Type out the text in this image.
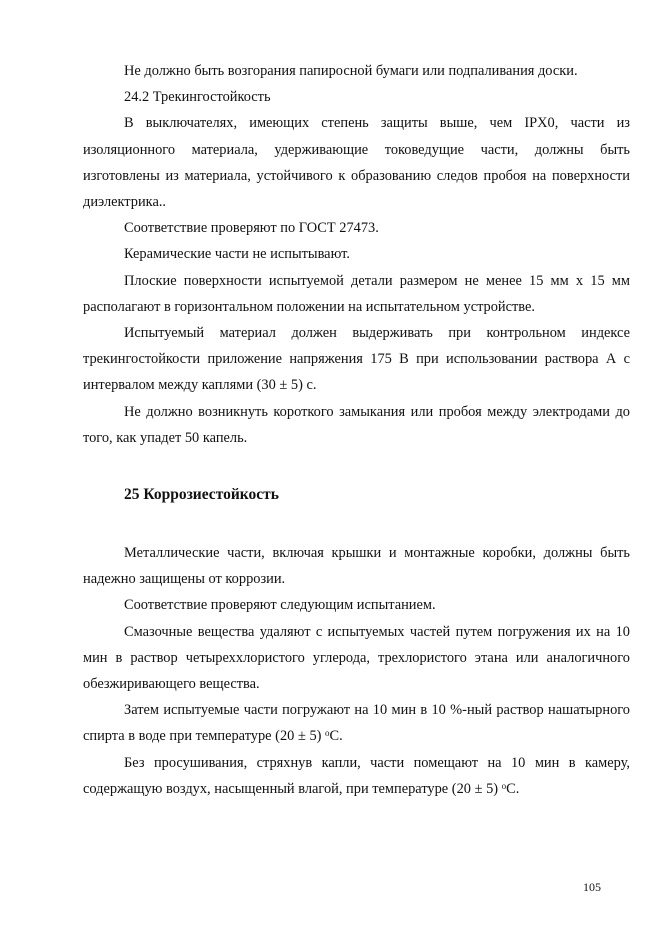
Не должно быть возгорания папиросной бумаги или подпаливания доски.

24.2 Трекингостойкость

В выключателях, имеющих степень защиты выше, чем IPX0, части из изоляционного материала, удерживающие токоведущие части, должны быть изготовлены из материала, устойчивого к образованию следов пробоя на поверхности диэлектрика..

Соответствие проверяют по ГОСТ 27473.

Керамические части не испытывают.

Плоские поверхности испытуемой детали размером не менее 15 мм х 15 мм располагают в горизонтальном положении на испытательном устройстве.

Испытуемый материал должен выдерживать при контрольном индексе трекингостойкости приложение напряжения 175 В при использовании раствора А с интервалом между каплями (30 ± 5) с.

Не должно возникнуть короткого замыкания или пробоя между электродами до того, как упадет 50 капель.

25 Коррозиестойкость

Металлические части, включая крышки и монтажные коробки, должны быть надежно защищены от коррозии.

Соответствие проверяют следующим испытанием.

Смазочные вещества удаляют с испытуемых частей путем погружения их на 10 мин в раствор четыреххлористого углерода, трехлористого этана или аналогичного обезжиривающего вещества.

Затем испытуемые части погружают на 10 мин в 10 %-ный раствор нашатырного спирта в воде при температуре (20 ± 5) $^o$С.

Без просушивания, стряхнув капли, части помещают на 10 мин в камеру, содержащую воздух, насыщенный влагой, при температуре (20 ± 5) $^o$С.

105
